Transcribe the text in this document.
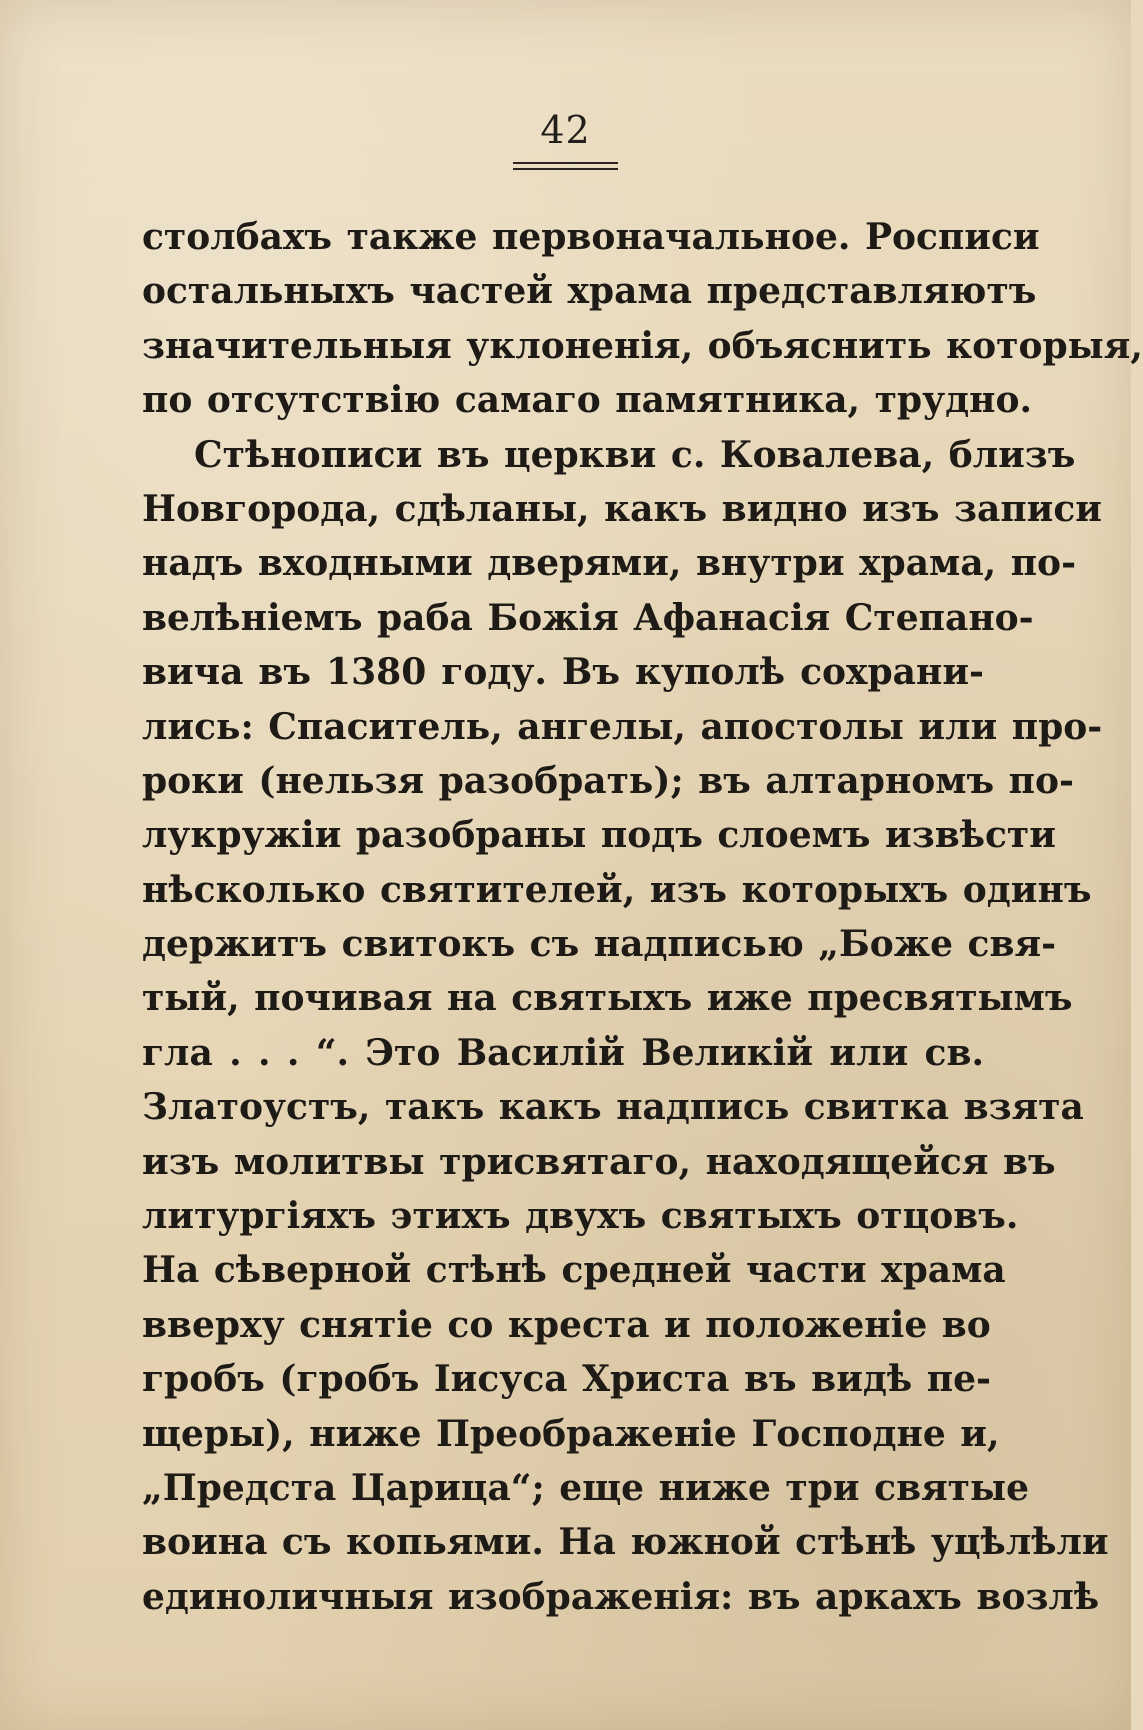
42
столбахъ также первоначальное. Росписи
остальныхъ частей храма представляютъ
значительныя уклоненія, объяснить которыя,
по отсутствію самаго памятника, трудно.
Стѣнописи въ церкви с. Ковалева, близъ
Новгорода, сдѣланы, какъ видно изъ записи
надъ входными дверями, внутри храма, по-
велѣніемъ раба Божія Афанасія Степано-
вича въ 1380 году. Въ куполѣ сохрани-
лись: Спаситель, ангелы, апостолы или про-
роки (нельзя разобрать); въ алтарномъ по-
лукружіи разобраны подъ слоемъ извѣсти
нѣсколько святителей, изъ которыхъ одинъ
держитъ свитокъ съ надписью „Боже свя-
тый, почивая на святыхъ иже пресвятымъ
гла . . . “. Это Василій Великій или св.
Златоустъ, такъ какъ надпись свитка взята
изъ молитвы трисвятаго, находящейся въ
литургіяхъ этихъ двухъ святыхъ отцовъ.
На сѣверной стѣнѣ средней части храма
вверху снятіе со креста и положеніе во
гробъ (гробъ Іисуса Христа въ видѣ пе-
щеры), ниже Преображеніе Господне и,
„Предста Царица“; еще ниже три святые
воина съ копьями. На южной стѣнѣ уцѣлѣли
единоличныя изображенія: въ аркахъ возлѣ
